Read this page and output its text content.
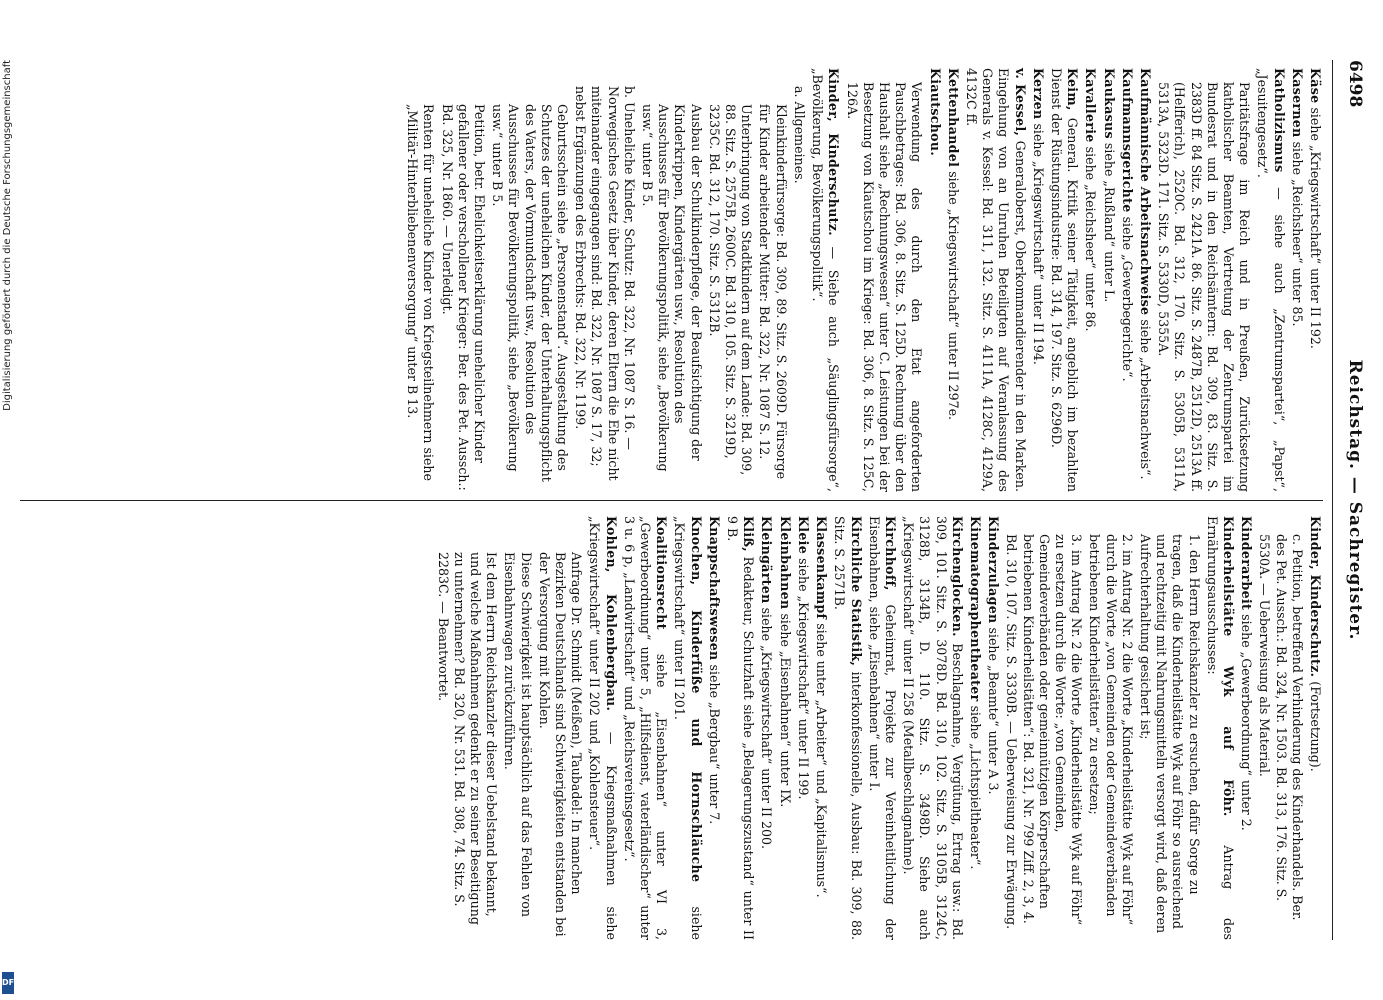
6498
Reichstag. — Sachregister.

Käse siehe „Kriegswirtschaft“ unter II 192.

Kasernen siehe „Reichsheer“ unter 85.

Katholizismus — siehe auch „Zentrumspartei“, „Papst“, „Jesuitengesetz“.

Paritätsfrage im Reich und in Preußen, Zurücksetzung katholischer Beamten, Vertretung der Zentrumspartei im Bundesrat und in den Reichsämtern: Bd. 309, 83. Sitz. S. 2383D ff. 84 Sitz. S. 2421A. 86. Sitz. S. 2487B, 2512D, 2513A ff. (Helfferich), 2520C. Bd. 312, 170. Sitz. S. 5305B, 5311A, 5313A, 5323D. 171. Sitz. S. 5330D, 5355A.

Kaufmännische Arbeitsnachweise siehe „Arbeitsnachweis“.

Kaufmannsgerichte siehe „Gewerbegerichte“.

Kaukasus siehe „Rußland“ unter L.

Kavallerie siehe „Reichsheer“ unter 86.

Keim, General. Kritik seiner Tätigkeit, angeblich im bezahlten Dienst der Rüstungsindustrie: Bd. 314, 197. Sitz. S. 6296D.

Kerzen siehe „Kriegswirtschaft“ unter II 194.

v. Kessel, Generaloberst, Oberkommandierender in den Marken. Eingehung von an Unruhen Beteiligten auf Veranlassung des Generals v. Kessel: Bd. 311, 132. Sitz. S. 4111A, 4128C, 4129A, 4132C ff.

Kettenhandel siehe „Kriegswirtschaft“ unter II 297e.

Kiautschou.

Verwendung des durch den Etat angeforderten Pauschbetrages: Bd. 306, 8. Sitz. S. 125D. Rechnung über den Haushalt siehe „Rechnungswesen“ unter C. Leistungen bei der Besetzung von Kiautschou im Kriege: Bd. 306, 8. Sitz. S. 125C, 126A.

Kinder, Kinderschutz. — Siehe auch „Säuglingsfürsorge“, „Bevölkerung, Bevölkerungspolitik“.

a.Allgemeines.

Kleinkinderfürsorge: Bd. 309, 89. Sitz. S. 2609D. Fürsorge für Kinder arbeitender Mütter: Bd. 322, Nr. 1087 S. 12.

Unterbringung von Stadtkindern auf dem Lande: Bd. 309, 88. Sitz. S. 2575B, 2600C. Bd. 310, 105. Sitz. S. 3219D, 3235C. Bd. 312, 170. Sitz. S. 5312B.

Ausbau der Schulkinderpflege, der Beaufsichtigung der Kinderkrippen, Kindergärten usw., Resolution des Ausschusses für Bevölkerungspolitik, siehe „Bevölkerung usw.“ unter B 5.

b.Uneheliche Kinder, Schutz: Bd. 322, Nr. 1087 S. 16. — Norwegisches Gesetz über Kinder, deren Eltern die Ehe nicht miteinander eingegangen sind: Bd. 322, Nr. 1087 S. 17, 32; nebst Ergänzungen des Erbrechts: Bd. 322, Nr. 1199.

Geburtsschein siehe „Personenstand“. Ausgestaltung des Schutzes der unehelichen Kinder, der Unterhaltungspflicht des Vaters, der Vormundschaft usw., Resolution des Ausschusses für Bevölkerungspolitik, siehe „Bevölkerung usw.“ unter B 5.

Petition, betr. Ehelichkeitserklärung unehelicher Kinder gefallener oder verschollener Krieger: Ber. des Pet. Aussch.: Bd. 325, Nr. 1860. — Unerledigt.

Renten für uneheliche Kinder von Kriegsteilnehmern siehe „Militär-Hinterbliebenenversorgung“ unter B 13.

Kinder, Kinderschutz. (Fortsetzung).

c.Petition, betreffend Verhinderung des Kinderhandels. Ber. des Pet. Aussch.: Bd. 324, Nr. 1503. Bd. 313, 176. Sitz. S. 5530A. — Ueberweisung als Material.

Kinderarbeit siehe „Gewerbeordnung“ unter 2.

Kinderheilstätte Wyk auf Föhr. Antrag des Ernährungsausschusses:

1.den Herrn Reichskanzler zu ersuchen, dafür Sorge zu tragen, daß die Kinderheilstätte Wyk auf Föhr so ausreichend und rechtzeitig mit Nahrungsmitteln versorgt wird, daß deren Aufrechterhaltung gesichert ist;

2.im Antrag Nr. 2 die Worte „Kinderheilstätte Wyk auf Föhr“ durch die Worte „von Gemeinden oder Gemeindeverbänden betriebenen Kinderheilstätten“ zu ersetzen;

3.im Antrag Nr. 2 die Worte „Kinderheilstätte Wyk auf Föhr“ zu ersetzen durch die Worte: „von Gemeinden, Gemeindeverbänden oder gemeinnützigen Körperschaften betriebenen Kinderheilstätten“: Bd. 321, Nr. 799 Ziff. 2, 3, 4. Bd. 310, 107. Sitz. S. 3330B. — Ueberweisung zur Erwägung.

Kinderzulagen siehe „Beamte“ unter A 3.

Kinematographentheater siehe „Lichtspieltheater“.

Kirchenglocken. Beschlagnahme, Vergütung, Ertrag usw.: Bd. 309, 101. Sitz. S. 3078D. Bd. 310, 102. Sitz. S. 3105B, 3124C, 3128B, 3134B, D. 110. Sitz. S. 3498D. Siehe auch „Kriegswirtschaft“ unter II 258 (Metallbeschlagnahme).

Kirchhoff, Geheimrat, Projekte zur Vereinheitlichung der Eisenbahnen, siehe „Eisenbahnen“ unter I.

Kirchliche Statistik, interkonfessionelle, Ausbau: Bd. 309, 88. Sitz. S. 2571B.

Klassenkampf siehe unter „Arbeiter“ und „Kapitalismus“.

Kleie siehe „Kriegswirtschaft“ unter II 199.

Kleinbahnen siehe „Eisenbahnen“ unter IX.

Kleingärten siehe „Kriegswirtschaft“ unter II 200.

Kliß, Redakteur, Schutzhaft siehe „Belagerungszustand“ unter II 9 B.

Knappschaftswesen siehe „Bergbau“ unter 7.

Knochen, Kinderfüße und Hornschläuche siehe „Kriegswirtschaft“ unter II 201.

Koalitionsrecht siehe „Eisenbahnen“ unter VI 3, „Gewerbeordnung“ unter 5, „Hilfsdienst, vaterländischer“ unter 3 u. 6 p, „Landwirtschaft“ und „Reichsvereinsgesetz“.

Kohlen, Kohlenbergbau. — Kriegsmaßnahmen siehe „Kriegswirtschaft“ unter II 202 und „Kohlensteuer“.

Anfrage Dr. Schmidt (Meißen), Taubadel: In manchen Bezirken Deutschlands sind Schwierigkeiten entstanden bei der Versorgung mit Kohlen.

Diese Schwierigkeit ist hauptsächlich auf das Fehlen von Eisenbahnwagen zurückzuführen.

Ist dem Herrn Reichskanzler dieser Uebelstand bekannt, und welche Maßnahmen gedenkt er zu seiner Beseitigung zu unternehmen? Bd. 320, Nr. 531. Bd. 308, 74. Sitz. S. 2283C. — Beantwortet.

Digitalisierung gefördert durch die Deutsche Forschungsgemeinschaft
DFG
